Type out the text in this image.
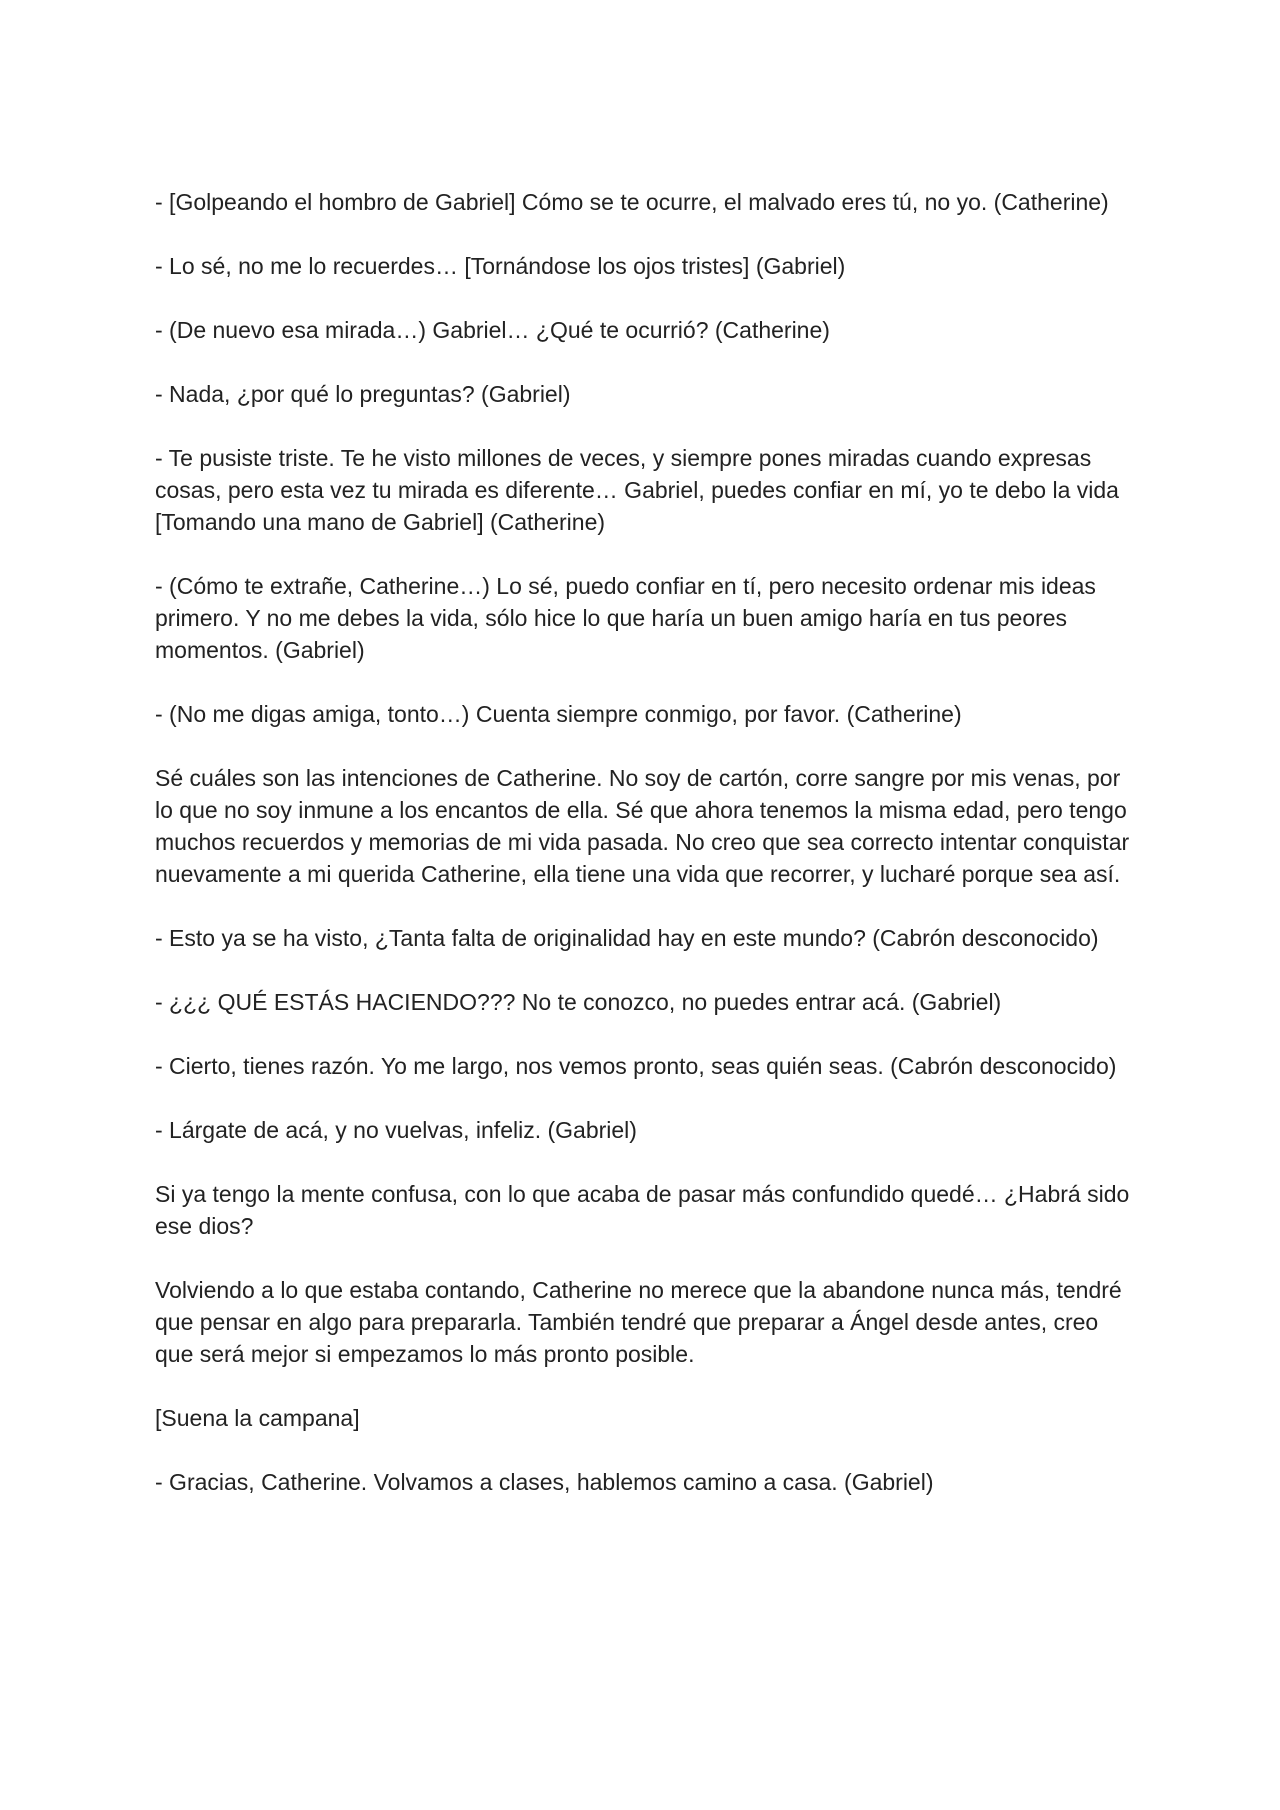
- [Golpeando el hombro de Gabriel] Cómo se te ocurre, el malvado eres tú, no yo. (Catherine)

- Lo sé, no me lo recuerdes… [Tornándose los ojos tristes] (Gabriel)

- (De nuevo esa mirada…) Gabriel… ¿Qué te ocurrió? (Catherine)

- Nada, ¿por qué lo preguntas? (Gabriel)

- Te pusiste triste. Te he visto millones de veces, y siempre pones miradas cuando expresas cosas, pero esta vez tu mirada es diferente… Gabriel, puedes confiar en mí, yo te debo la vida [Tomando una mano de Gabriel] (Catherine)

- (Cómo te extrañe, Catherine…) Lo sé, puedo confiar en tí, pero necesito ordenar mis ideas primero. Y no me debes la vida, sólo hice lo que haría un buen amigo haría en tus peores momentos. (Gabriel)

- (No me digas amiga, tonto…) Cuenta siempre conmigo, por favor. (Catherine)

Sé cuáles son las intenciones de Catherine. No soy de cartón, corre sangre por mis venas, por lo que no soy inmune a los encantos de ella. Sé que ahora tenemos la misma edad, pero tengo muchos recuerdos y memorias de mi vida pasada. No creo que sea correcto intentar conquistar nuevamente a mi querida Catherine, ella tiene una vida que recorrer, y lucharé porque sea así.

- Esto ya se ha visto, ¿Tanta falta de originalidad hay en este mundo? (Cabrón desconocido)

- ¿¿¿ QUÉ ESTÁS HACIENDO??? No te conozco, no puedes entrar acá. (Gabriel)

- Cierto, tienes razón. Yo me largo, nos vemos pronto, seas quién seas. (Cabrón desconocido)

- Lárgate de acá, y no vuelvas, infeliz. (Gabriel)

Si ya tengo la mente confusa, con lo que acaba de pasar más confundido quedé… ¿Habrá sido ese dios?

Volviendo a lo que estaba contando, Catherine no merece que la abandone nunca más, tendré que pensar en algo para prepararla. También tendré que preparar a Ángel desde antes, creo que será mejor si empezamos lo más pronto posible.

[Suena la campana]

- Gracias, Catherine. Volvamos a clases, hablemos camino a casa. (Gabriel)
